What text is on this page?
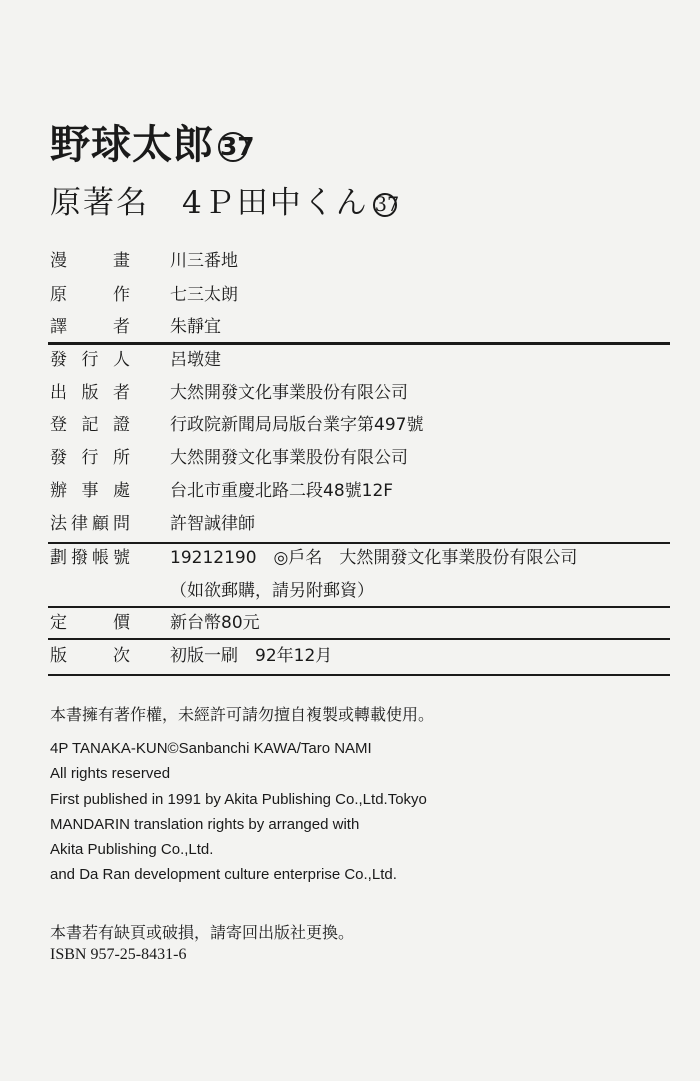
野球太郎 37
原著名　4Ｐ田中くん 37
漫	畫 川三番地
原	作 七三太朗
譯	者 朱靜宜
發 行 人 呂墩建
出 版 者 大然開發文化事業股份有限公司
登 記 證 行政院新聞局局版台業字第497號
發 行 所 大然開發文化事業股份有限公司
辦 事 處 台北市重慶北路二段48號12F
法 律 顧 問 許智誠律師
劃 撥 帳 號 19212190　◎戶名　大然開發文化事業股份有限公司
（如欲郵購，請另附郵資）
定	價 新台幣80元
版	次 初版一刷　92年12月
本書擁有著作權，未經許可請勿擅自複製或轉載使用。
4P TANAKA-KUN©Sanbanchi KAWA/Taro NAMI
All rights reserved
First published in 1991 by Akita Publishing Co.,Ltd.Tokyo
MANDARIN translation rights by arranged with
Akita Publishing Co.,Ltd.
and Da Ran development culture enterprise Co.,Ltd.
本書若有缺頁或破損，請寄回出版社更換。
ISBN 957-25-8431-6
